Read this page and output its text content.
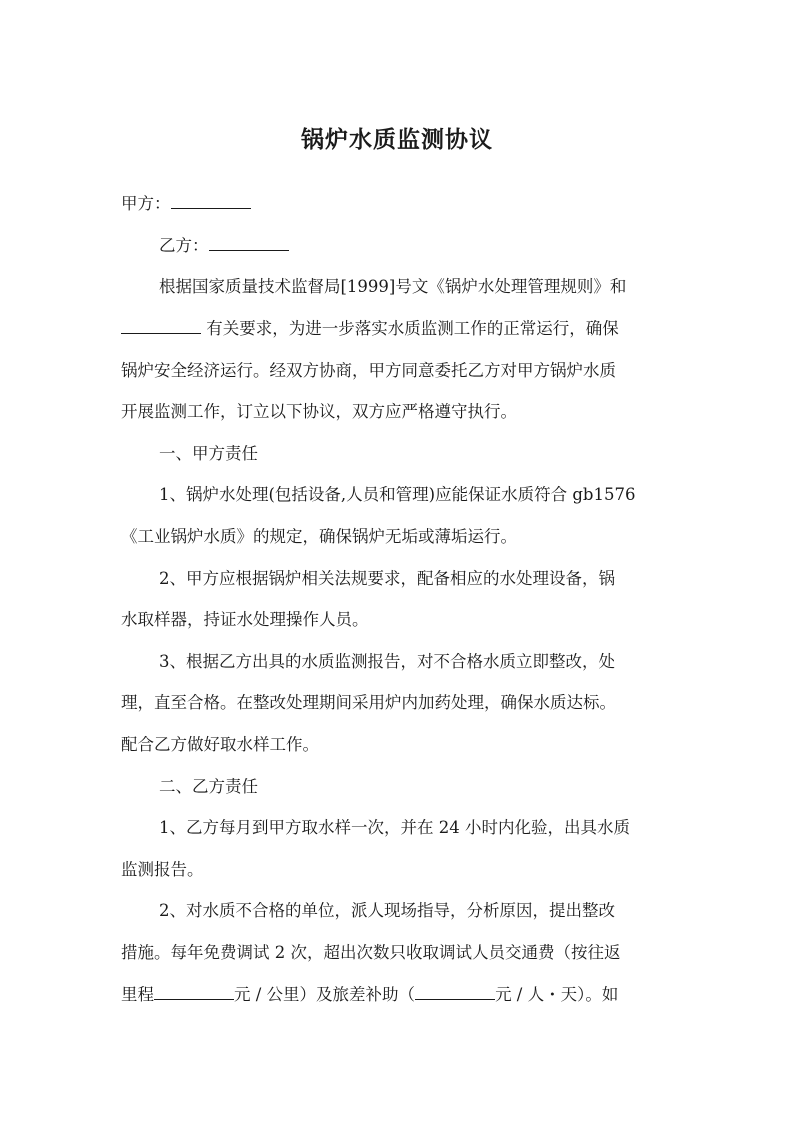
锅炉水质监测协议
甲方：
乙方：
根据国家质量技术监督局[1999]号文《锅炉水处理管理规则》和
有关要求，为进一步落实水质监测工作的正常运行，确保
锅炉安全经济运行。经双方协商，甲方同意委托乙方对甲方锅炉水质
开展监测工作，订立以下协议，双方应严格遵守执行。
一、甲方责任
1、锅炉水处理(包括设备,人员和管理)应能保证水质符合 gb1576
《工业锅炉水质》的规定，确保锅炉无垢或薄垢运行。
2、甲方应根据锅炉相关法规要求，配备相应的水处理设备，锅
水取样器，持证水处理操作人员。
3、根据乙方出具的水质监测报告，对不合格水质立即整改，处
理，直至合格。在整改处理期间采用炉内加药处理，确保水质达标。
配合乙方做好取水样工作。
二、乙方责任
1、乙方每月到甲方取水样一次，并在 24 小时内化验，出具水质
监测报告。
2、对水质不合格的单位，派人现场指导，分析原因，提出整改
措施。每年免费调试 2 次，超出次数只收取调试人员交通费（按往返
里程	元 / 公里）及旅差补助（	元 / 人・天）。如
